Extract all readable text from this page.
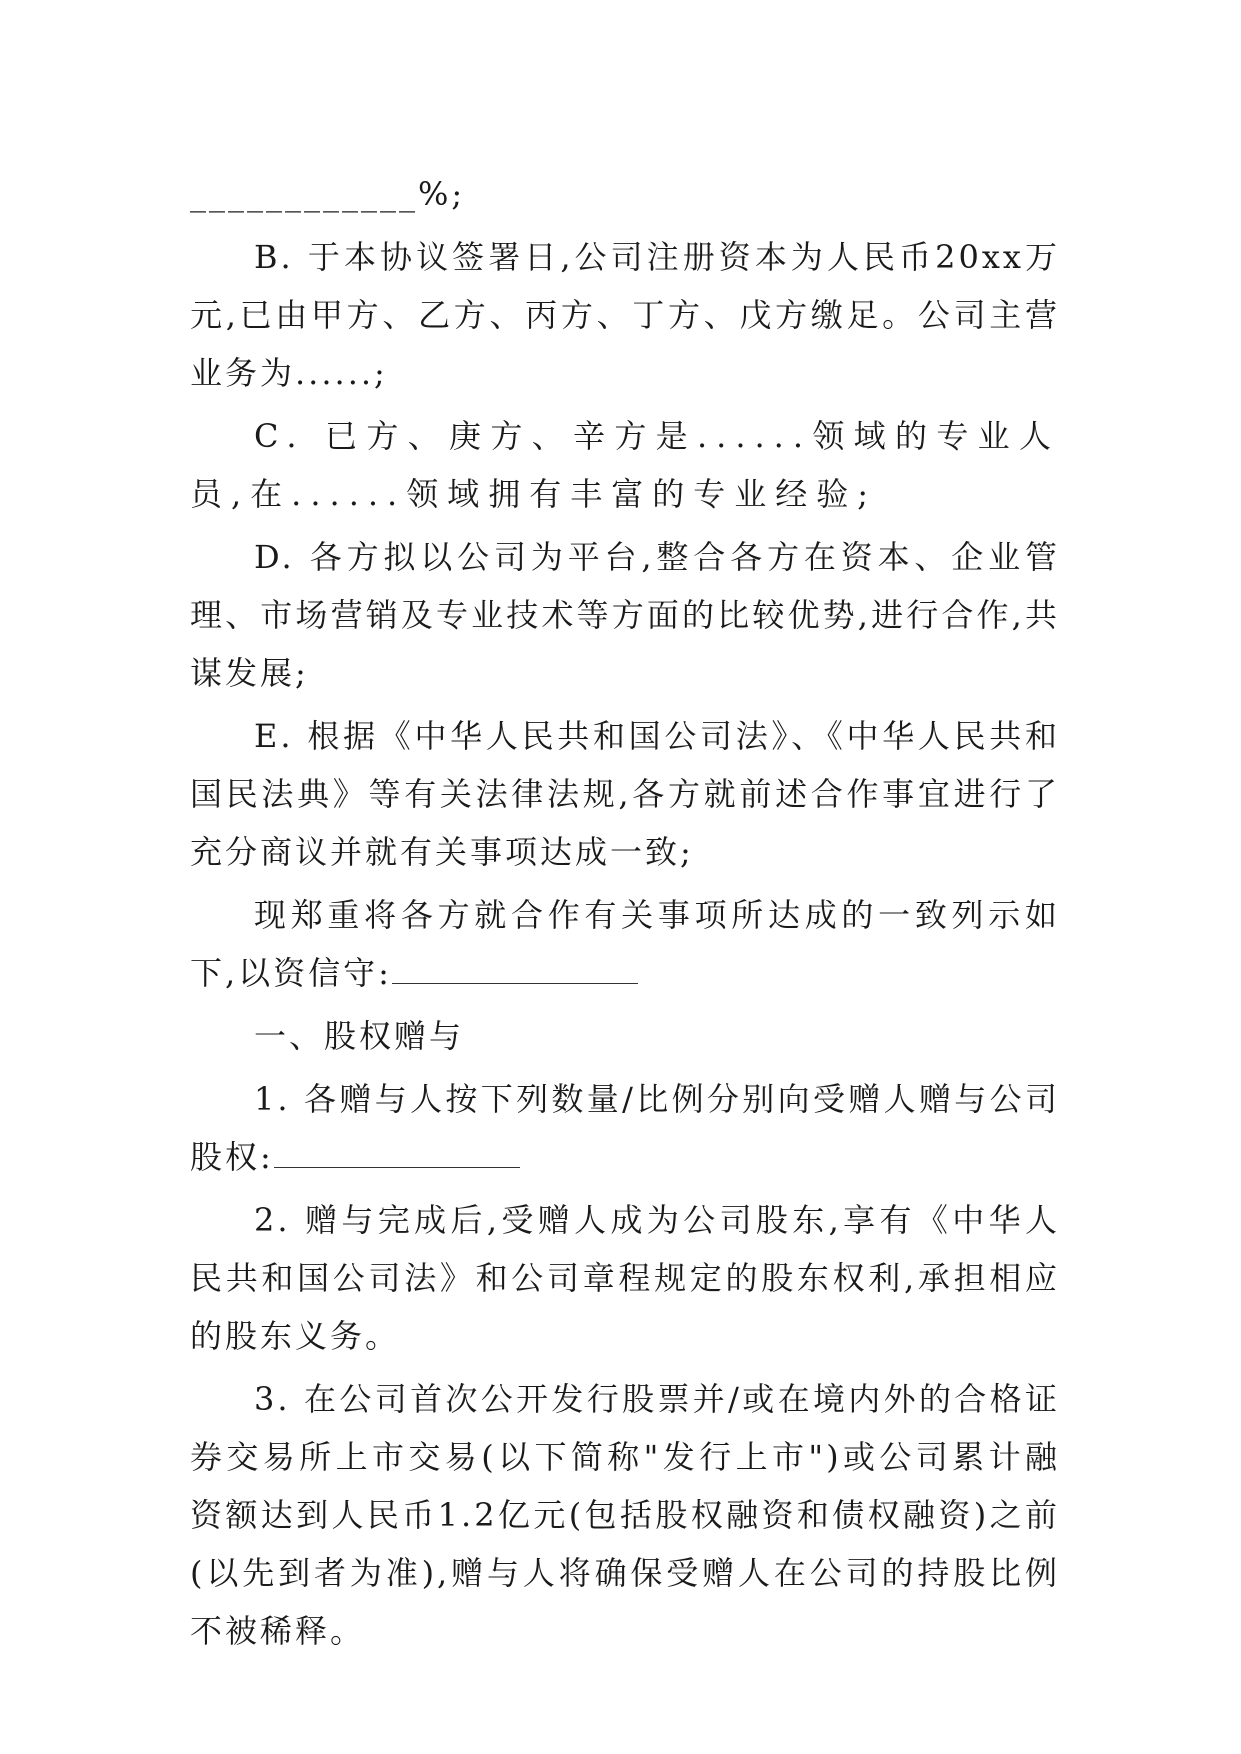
____________%;

B. 于本协议签署日,公司注册资本为人民币20xx万元,已由甲方、乙方、丙方、丁方、戊方缴足。公司主营业务为......;

C. 已方、庚方、辛方是......领域的专业人员,在......领域拥有丰富的专业经验;

D. 各方拟以公司为平台,整合各方在资本、企业管理、市场营销及专业技术等方面的比较优势,进行合作,共谋发展;

E. 根据《中华人民共和国公司法》、《中华人民共和国民法典》等有关法律法规,各方就前述合作事宜进行了充分商议并就有关事项达成一致;

现郑重将各方就合作有关事项所达成的一致列示如下,以资信守:

一、股权赠与

1. 各赠与人按下列数量/比例分别向受赠人赠与公司股权:

2. 赠与完成后,受赠人成为公司股东,享有《中华人民共和国公司法》和公司章程规定的股东权利,承担相应的股东义务。

3. 在公司首次公开发行股票并/或在境内外的合格证券交易所上市交易(以下简称"发行上市")或公司累计融资额达到人民币1.2亿元(包括股权融资和债权融资)之前(以先到者为准),赠与人将确保受赠人在公司的持股比例不被稀释。
